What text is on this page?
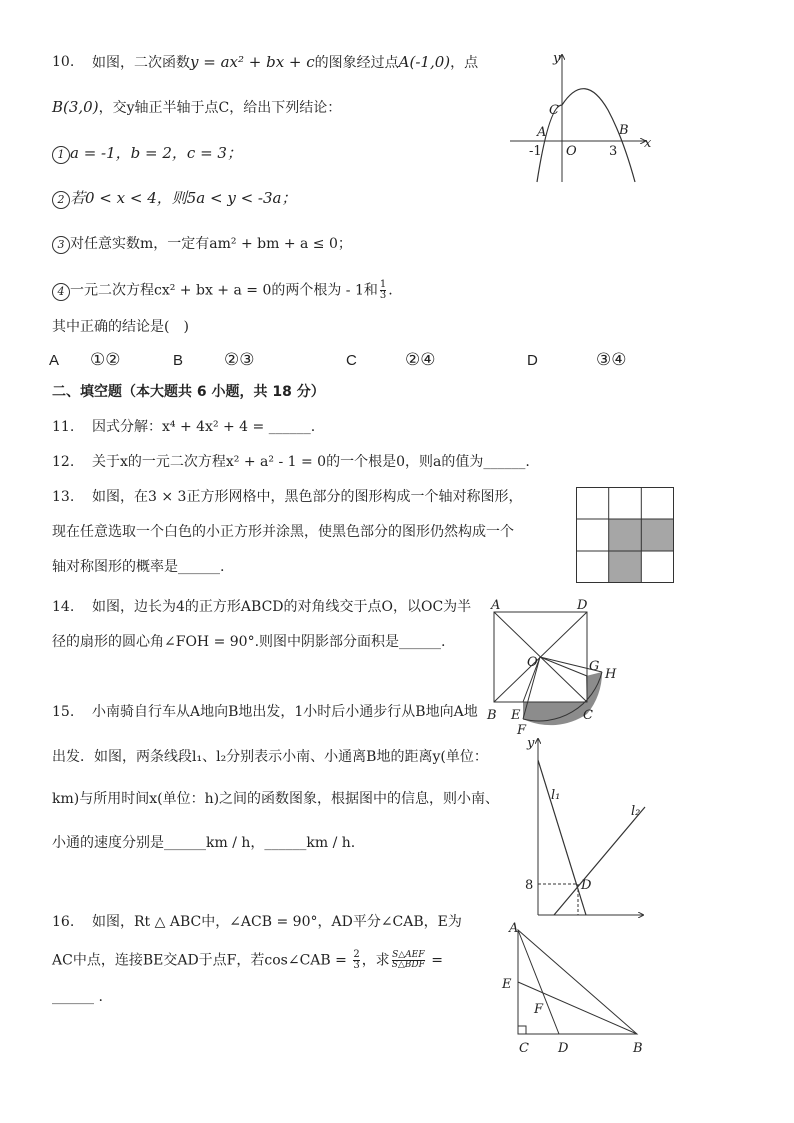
10. 如图，二次函数y = ax² + bx + c的图象经过点A(-1,0)，点
B(3,0)，交y轴正半轴于点C，给出下列结论：
1 a = -1，b = 2，c = 3；
2 若0 < x < 4，则5a < y < -3a；
3 对任意实数m，一定有am² + bm + a ≤ 0；
4 一元二次方程cx² + bx + a = 0的两个根为 - 1和 $\frac{1}{3}$ .
其中正确的结论是(　)
A ①②	B ②③	C	②④	D	③④
y
x
C
A	B
O
-1	3
二、填空题（本大题共 6 小题，共 18 分）
11. 因式分解：x⁴ + 4x² + 4 = ______.
12. 关于x的一元二次方程x² + a² - 1 = 0的一个根是0，则a的值为______.
13. 如图，在3 × 3正方形网格中，黑色部分的图形构成一个轴对称图形，
现在任意选取一个白色的小正方形并涂黑，使黑色部分的图形仍然构成一个
轴对称图形的概率是______.
14. 如图，边长为4的正方形ABCD的对角线交于点O，以OC为半
径的扇形的圆心角∠FOH = 90°.则图中阴影部分面积是______.
A	D
O	G
H
B E	C
F
15. 小南骑自行车从A地向B地出发，1小时后小通步行从B地向A地
出发．如图，两条线段l₁、l₂分别表示小南、小通离B地的距离y(单位：
km)与所用时间x(单位：h)之间的函数图象，根据图中的信息，则小南、
小通的速度分别是______km / h，______km / h.
y
l₁
l₂
8	D
16. 如图，Rt △ ABC中，∠ACB = 90°，AD平分∠CAB，E为
AC中点，连接BE交AD于点F，若cos∠CAB = $\frac{2}{3}$ ，求 S△AEF
S△BDF =
______ .
A
E
F
C D	B
